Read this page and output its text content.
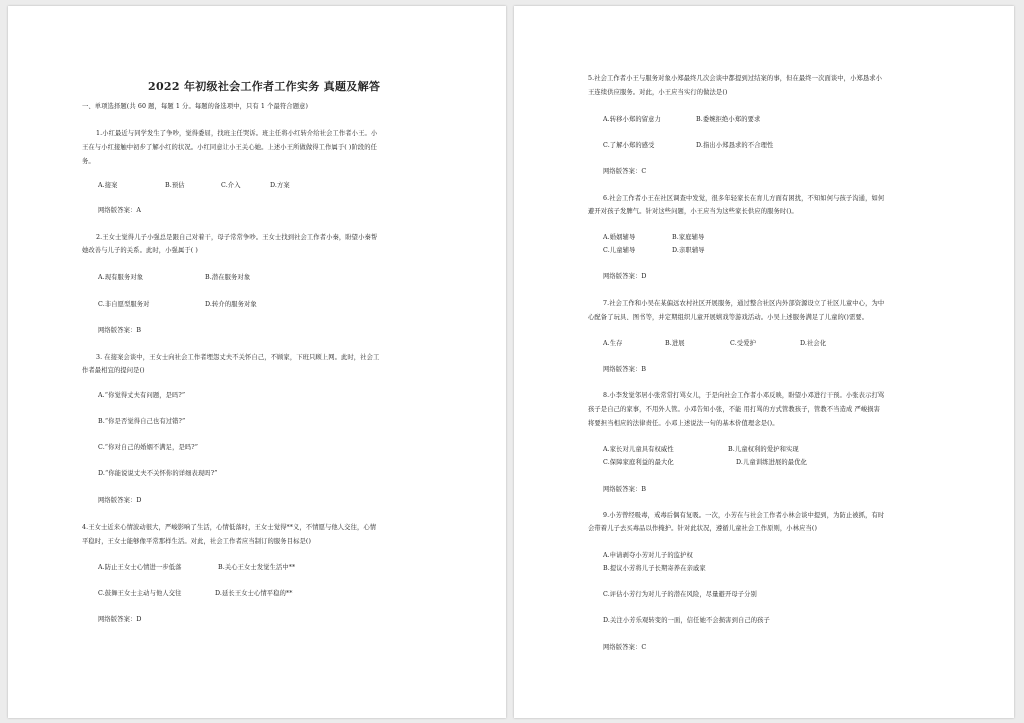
2022 年初级社会工作者工作实务 真题及解答
一、单项选择题(共 60 题，每题 1 分。每题的备选项中，只有 1 个最符合题意)
1.小红最近与同学发生了争吵，觉得委屈，找班主任哭诉。班主任将小红转介给社会工作者小王。小
王在与小红接触中初步了解小红的状况。小红同意让小王关心她。上述小王所做做得工作属于( )阶段的任
务。
A.接案	B.预估	C.介入	D.方案
网络版答案：A
2.王女士觉得儿子小强总是跟自己对着干，母子常常争吵。王女士找到社会工作者小秦，盼望小秦帮
她改善与儿子的关系。此时，小强属于( )
A.现有服务对象	B.潜在服务对象
C.非自愿型服务对	D.转介的服务对象
网络版答案：B
3. 在接案会谈中，王女士向社会工作者埋怨丈夫不关怀自己，不顾家，下班只顾上网。此时，社会工
作者最相宜的提问是()
A.“你觉得丈夫有问题，是吗?”
B.“你是否觉得自己也有过错?”
C.“你对自己的婚姻不满足，是吗?”
D.“你能说说丈夫不关怀你的详细表现吗?”
网络版答案：D
4.王女士近来心情波动很大，严峻影响了生活，心情低落时，王女士觉得**义，不情愿与他人交往，心情
平稳时，王女士能够像平常那样生活。对此，社会工作者应当制订的服务目标是()
A.防止王女士心情进一步低落	B.关心王女士发觉生活中**
C.鼓舞王女士主动与他人交往	D.延长王女士心情平稳的**
网络版答案：D
5.社会工作者小王与服务对象小郑最终几次会谈中都提到过结案的事，但在最终一次面谈中，小郑恳求小
王连续供应服务。对此，小王应当实行的做法是()
A.转移小郑的留意力	B.委婉拒绝小郑的要求
C.了解小郑的感受	D.指出小郑恳求的不合理性
网络版答案：C
6.社会工作者小王在社区调查中发觉，很多年轻家长在育儿方面有困扰，不知如何与孩子沟通，如何
避开对孩子发脾气。针对这些问题，小王应当为这些家长供应的服务时()。
A.婚姻辅导	B.家庭辅导
C.儿童辅导	D.亲职辅导
网络版答案：D
7.社会工作和小吴在某偏远农村社区开展服务，通过整合社区内外部资源设立了社区儿童中心，为中
心配备了玩具、图书等，并定期组织儿童开展嬉戏等游戏活动。小吴上述服务满足了儿童的()需要。
A.生存	B.进展	C.受爱护	D.社会化
网络版答案：B
8.小李发觉邻居小张常常打骂女儿，于是向社会工作者小邓反映，盼望小邓进行干预。小张表示打骂
孩子是自己的家事，不用外人管。小邓告知小张，不能 用打骂的方式管教孩子，管教不当造成 严峻损害
将要担当相应的法律责任。小邓上述说法一句的基本价值理念是()。
A.家长对儿童具有权威性	B.儿童权利的爱护和实现
C.保障家庭利益的最大化	D.儿童训练进展的最优化
网络版答案：B
9.小芳曾经吸毒，戒毒后偶有复吸。一次，小芳在与社会工作者小林会谈中提到，为防止被抓，有时
会带着儿子去买毒品以作掩护。针对此状况，遵循儿童社会工作原则，小林应当()
A.申请剥夺小芳对儿子的监护权
B.提议小芳将儿子长期寄养在亲戚家
C.评估小芳行为对儿子的潜在风险，尽量避开母子分别
D.关注小芳乐观转变的一面，信任她不会损害到自己的孩子
网络版答案：C
